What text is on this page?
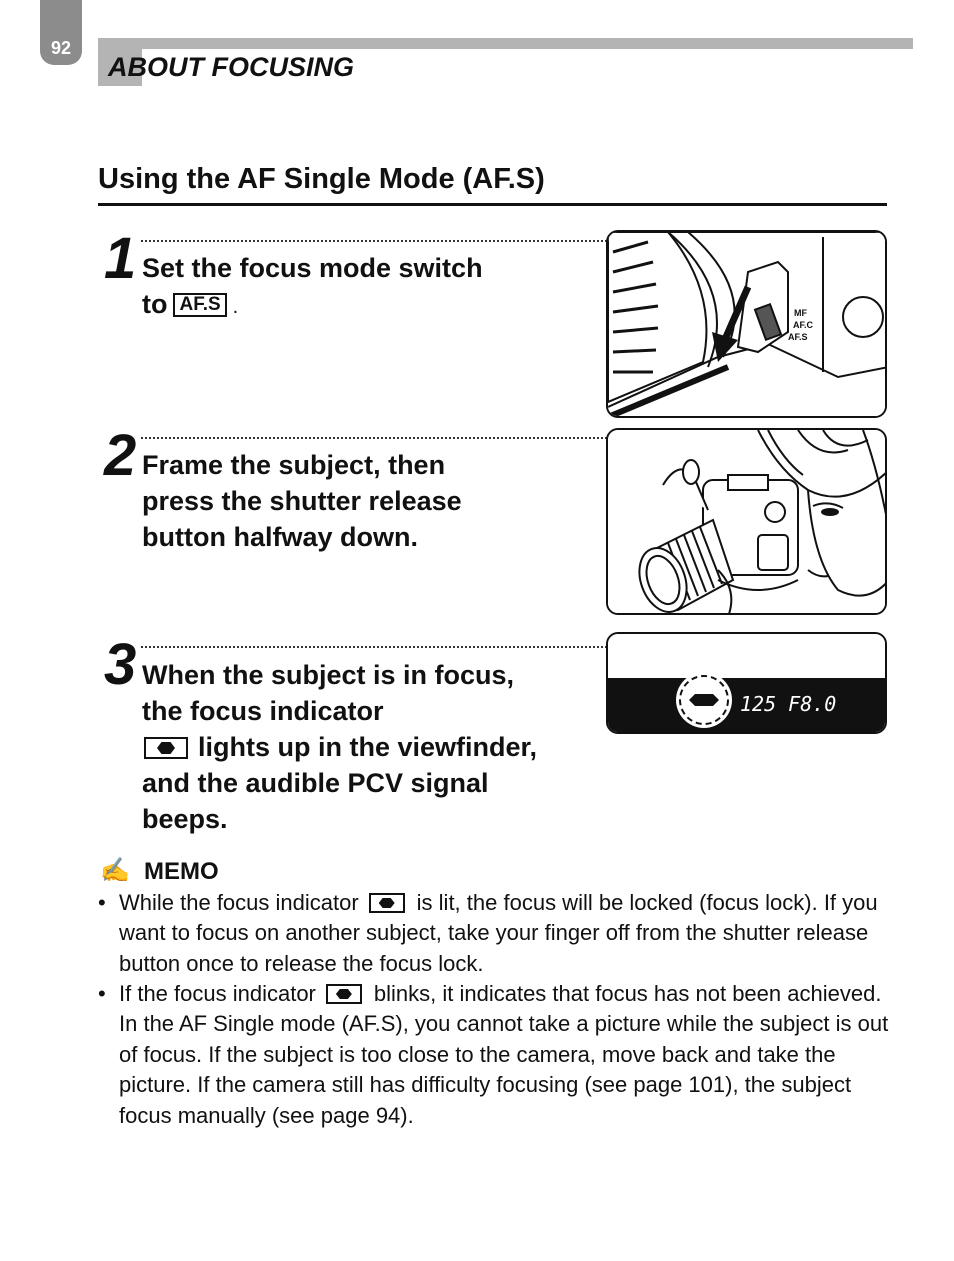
92
ABOUT FOCUSING
Using the AF Single Mode (AF.S)
1 Set the focus mode switch
to AF.S .	MF
AF.C
AF.S
2 Frame the subject, then press the shutter release button halfway down.
3 When the subject is in focus, the focus indicator
lights up in the viewfinder, and the audible PCV signal beeps.
125 F8.0
✍ MEMO
• While the focus indicator	is lit, the focus will be locked (focus lock). If you want to focus on another subject, take your finger off from the shutter release button once to release the focus lock.
• If the focus indicator	blinks, it indicates that focus has not been achieved. In the AF Single mode (AF.S), you cannot take a picture while the subject is out of focus. If the subject is too close to the camera, move back and take the picture. If the camera still has difficulty focusing (see page 101), the subject focus manually (see page 94).
